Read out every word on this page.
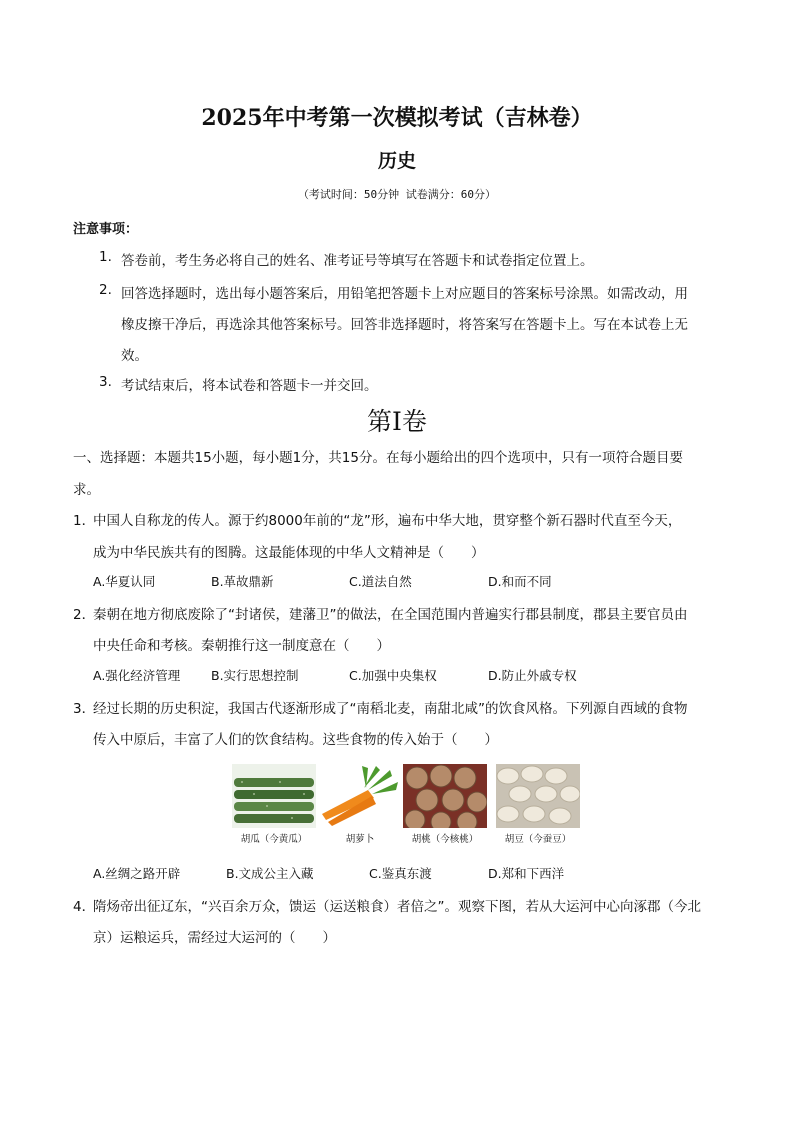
2025年中考第一次模拟考试（吉林卷）
历史
（考试时间：50分钟 试卷满分：60分）
注意事项：
1. 答卷前，考生务必将自己的姓名、准考证号等填写在答题卡和试卷指定位置上。
2. 回答选择题时，选出每小题答案后，用铅笔把答题卡上对应题目的答案标号涂黑。如需改动，用
橡皮擦干净后，再选涂其他答案标号。回答非选择题时，将答案写在答题卡上。写在本试卷上无
效。
3. 考试结束后，将本试卷和答题卡一并交回。
第Ⅰ卷
一、选择题：本题共15小题，每小题1分，共15分。在每小题给出的四个选项中，只有一项符合题目要
求。
1．
中国人自称龙的传人。源于约8000年前的“龙”形，遍布中华大地，贯穿整个新石器时代直至今天，
成为中华民族共有的图腾。这最能体现的中华人文精神是（　　）
A.华夏认同	B.革故鼎新	C.道法自然	D.和而不同
2．
秦朝在地方彻底废除了“封诸侯，建藩卫”的做法，在全国范围内普遍实行郡县制度，郡县主要官员由
中央任命和考核。秦朝推行这一制度意在（　　）
A.强化经济管理 B.实行思想控制	C.加强中央集权	D.防止外戚专权
3．
经过长期的历史积淀，我国古代逐渐形成了“南稻北麦，南甜北咸”的饮食风格。下列源自西域的食物
传入中原后，丰富了人们的饮食结构。这些食物的传入始于（　　）
胡瓜（今黄瓜）	胡萝卜	胡桃（今核桃）	胡豆（今蚕豆）
A.丝绸之路开辟	B.文成公主入藏	C.鉴真东渡	D.郑和下西洋
4．
隋炀帝出征辽东，“兴百余万众，馈运（运送粮食）者倍之”。观察下图，若从大运河中心向涿郡（今北
京）运粮运兵，需经过大运河的（　　）
